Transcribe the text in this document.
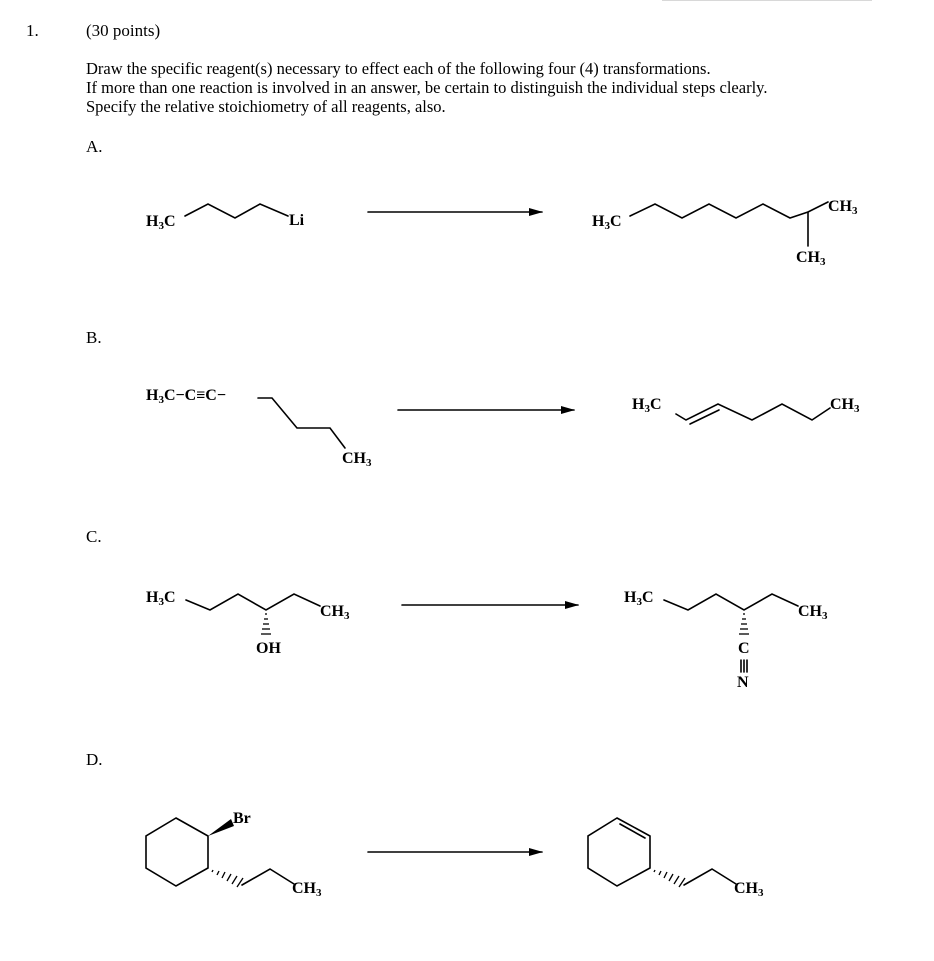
1.	(30 points)
Draw the specific reagent(s) necessary to effect each of the following four (4) transformations.
If more than one reaction is involved in an answer, be certain to distinguish the individual steps clearly.
Specify the relative stoichiometry of all reagents, also.
A.
B.
C.
D.
$H_3C$	Li	$H_3C$
$CH_3$
$CH_3$
$H_3C-C\equiv C-$
$CH_3$
$H_3C$	$CH_3$
$H_3C$
$CH_3$
OH
$H_3C$
$CH_3$
C
N
Br
$CH_3$	$CH_3$
